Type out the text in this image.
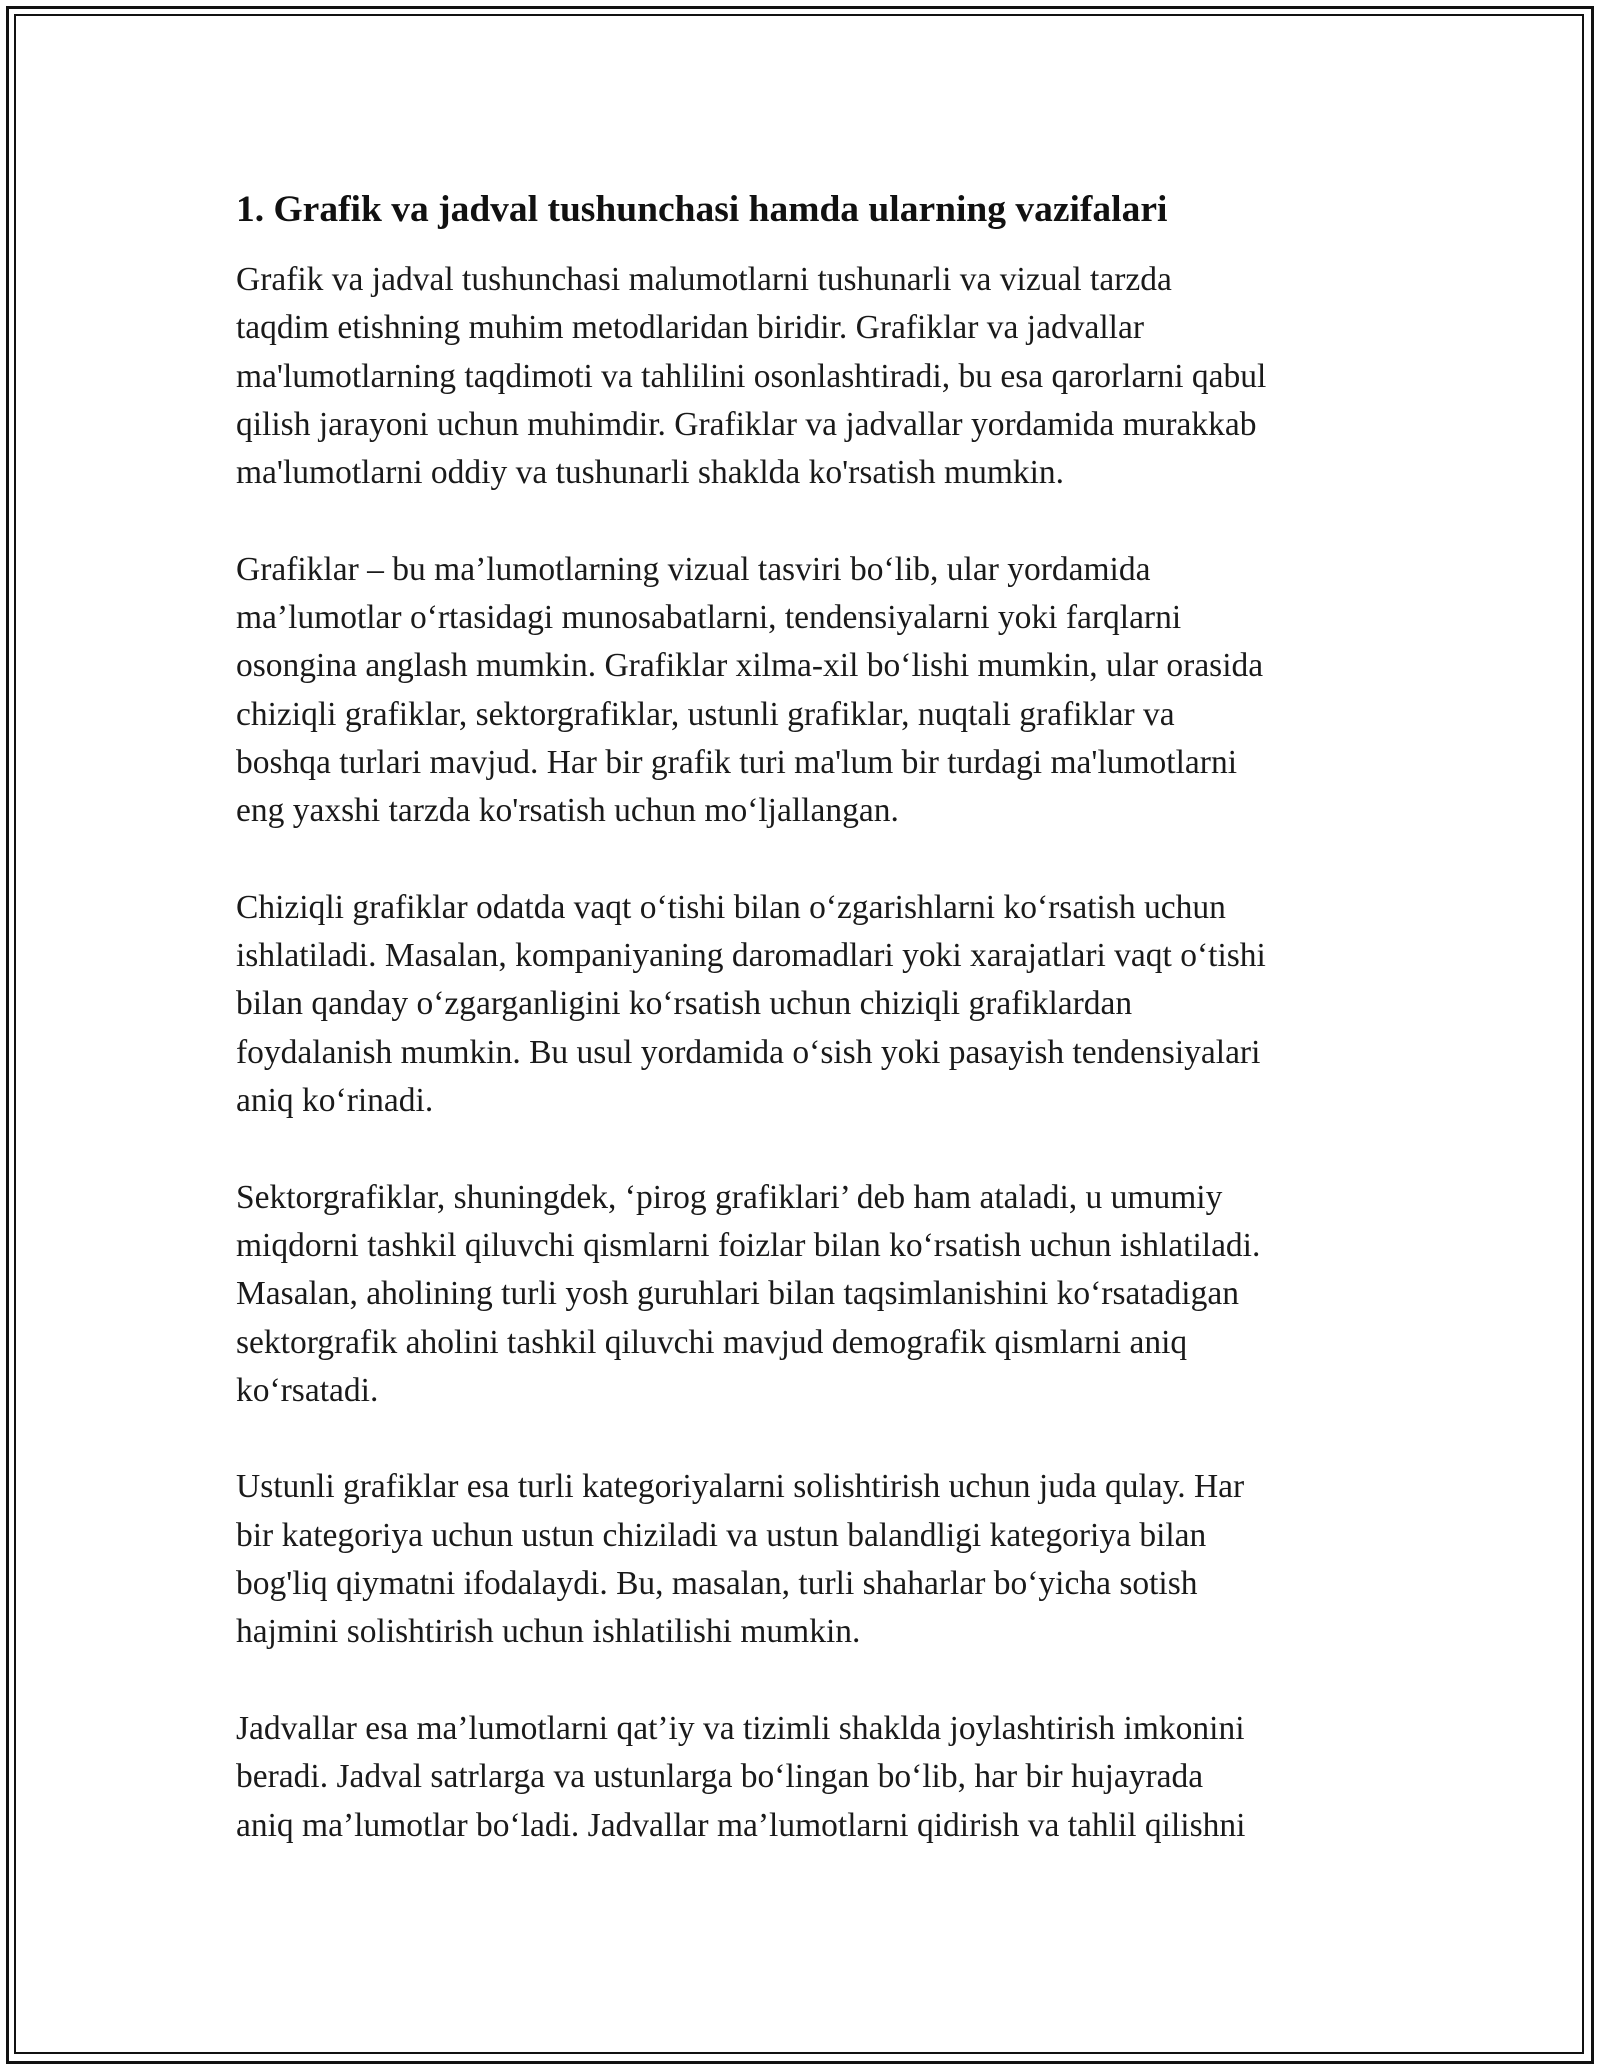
1. Grafik va jadval tushunchasi hamda ularning vazifalari

Grafik va jadval tushunchasi malumotlarni tushunarli va vizual tarzda
taqdim etishning muhim metodlaridan biridir. Grafiklar va jadvallar
ma'lumotlarning taqdimoti va tahlilini osonlashtiradi, bu esa qarorlarni qabul
qilish jarayoni uchun muhimdir. Grafiklar va jadvallar yordamida murakkab
ma'lumotlarni oddiy va tushunarli shaklda ko'rsatish mumkin.

Grafiklar – bu ma’lumotlarning vizual tasviri bo‘lib, ular yordamida
ma’lumotlar o‘rtasidagi munosabatlarni, tendensiyalarni yoki farqlarni
osongina anglash mumkin. Grafiklar xilma-xil bo‘lishi mumkin, ular orasida
chiziqli grafiklar, sektorgrafiklar, ustunli grafiklar, nuqtali grafiklar va
boshqa turlari mavjud. Har bir grafik turi ma'lum bir turdagi ma'lumotlarni
eng yaxshi tarzda ko'rsatish uchun mo‘ljallangan.

Chiziqli grafiklar odatda vaqt o‘tishi bilan o‘zgarishlarni ko‘rsatish uchun
ishlatiladi. Masalan, kompaniyaning daromadlari yoki xarajatlari vaqt o‘tishi
bilan qanday o‘zgarganligini ko‘rsatish uchun chiziqli grafiklardan
foydalanish mumkin. Bu usul yordamida o‘sish yoki pasayish tendensiyalari
aniq ko‘rinadi.

Sektorgrafiklar, shuningdek, ‘pirog grafiklari’ deb ham ataladi, u umumiy
miqdorni tashkil qiluvchi qismlarni foizlar bilan ko‘rsatish uchun ishlatiladi.
Masalan, aholining turli yosh guruhlari bilan taqsimlanishini ko‘rsatadigan
sektorgrafik aholini tashkil qiluvchi mavjud demografik qismlarni aniq
ko‘rsatadi.

Ustunli grafiklar esa turli kategoriyalarni solishtirish uchun juda qulay. Har
bir kategoriya uchun ustun chiziladi va ustun balandligi kategoriya bilan
bog'liq qiymatni ifodalaydi. Bu, masalan, turli shaharlar bo‘yicha sotish
hajmini solishtirish uchun ishlatilishi mumkin.

Jadvallar esa ma’lumotlarni qat’iy va tizimli shaklda joylashtirish imkonini
beradi. Jadval satrlarga va ustunlarga bo‘lingan bo‘lib, har bir hujayrada
aniq ma’lumotlar bo‘ladi. Jadvallar ma’lumotlarni qidirish va tahlil qilishni
